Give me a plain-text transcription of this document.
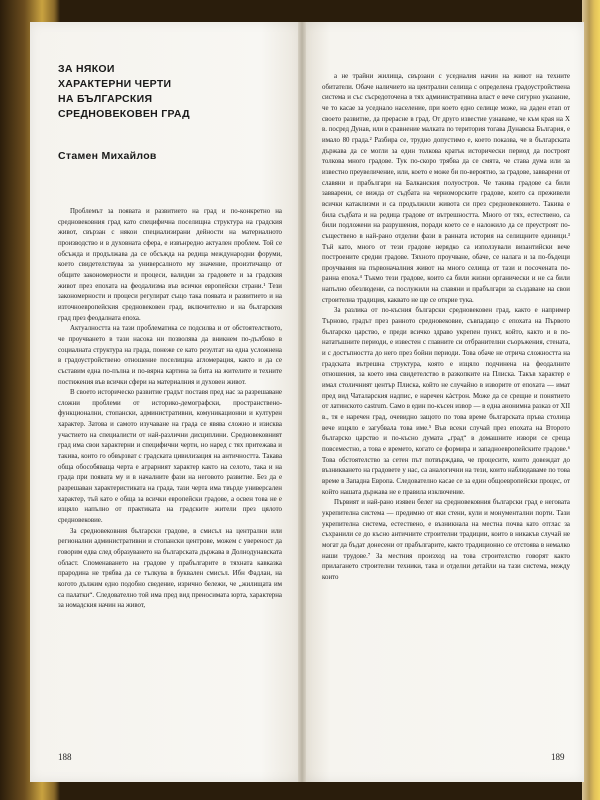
ЗА НЯКОИ
ХАРАКТЕРНИ ЧЕРТИ
НА БЪЛГАРСКИЯ
СРЕДНОВЕКОВЕН ГРАД
Стамен Михайлов

Проблемът за появата и развитието на град и по-конкретно на средновековния град като специфична поселищна структура на градския живот, свързан с някои специализирани дейности на материалното производство и в духовната сфера, е извънредно актуален проблем. Той се обсъжда и продължава да се обсъжда на редица международни форуми, което свидетелствува за универсалното му значение, произтичащо от общите закономерности и процеси, валидни за градовете и за градския живот през епохата на феодализма във всички европейски страни.¹ Тези закономерности и процеси регулират също така появата и развитието и на източноевропейския средновековен град, включително и на българския град през феодалната епоха.

Актуалността на тази проблематика се подсилва и от обстоятелството, че проучването в тази насока ни позволява да вникнем по-дълбоко в социалната структура на града, понеже се като резултат на една усложнена в градоустройствено отношение поселищна агломерация, както и да се съставим една по-пълна и по-вярна картина за бита на жителите и техните постижения във всички сфери на материалния и духовен живот.

В своето историческо развитие градът поставя пред нас за разрешаване сложни проблеми от историко-демографски, пространствено-функционални, стопански, административни, комуникационни и културен характер. Затова и самото изучаване на града се явява сложно и изисква участието на специалисти от най-различни дисциплини. Средновековният град има свои характерни и специфични черти, но наред с тях притежава и такива, които го обвързват с градската цивилизация на античността. Такава обща обособяваща черта е аграрният характер както на селото, така и на града при появата му и в началните фази на неговото развитие. Без да е разрешаван характеристиката на града, тази черта има твърде универсален характер, тъй като е обща за всички европейски градове, а освен това не е изцяло напълно от практиката на градските жители през цялото средновековие.

За средновековния български градове, в смисъл на централни или регионални административни и стопански центрове, можем с увереност да говорим едва след образуването на българската държава в Долнодунавската област. Споменаването на градове у прабългарите в тяхната кавказка прародина не трябва да се тълкува в буквален смисъл. Ибн Фадлан, на когото дължим едно подобно сведение, изрично бележи, че „жилищата им са палатки“. Следователно той има пред вид преносимата юрта, характерна за номадския начин на живот,

а не трайни жилища, свързани с уседналия начин на живот на техните обитатели. Обаче наличието на централни селища с определена градоустройствена система и със съсредоточена в тях административна власт е вече сигурно указание, че то касае за уседнало население, при което едно селище може, на даден етап от своето развитие, да прерасне в град. От друго известие узнаваме, че към края на Х в. посред Дунав, или в сравнение малката по територия тогава Дунавска България, е имало 80 града.² Разбира се, трудно допустимо е, което показва, че в българската държава да се могли за един толкова кратък исторически период да построят толкова много градове. Тук по-скоро трябва да се смята, че става дума или за известно преувеличение, или, което е може би по-вероятно, за градове, завварени от славяни и прабългари на Балканския полуостров. Че такива градове са били завварени, се вижда от съдбата на черноморските градове, които са преживели всички катаклизми и са продължили живота си през средновековието. Такива е била съдбата и на редица градове от вътрешността. Много от тях, естествено, са били подложени на разрушения, поради което се е наложило да се преустроят по-съществено в най-рано отделни фази в ранната история на селищните единици.³ Тъй като, много от тези градове нерядко са използували византийски вече построените средни градове. Тяхното проучване, обаче, се налага и за по-бъдещи проучвания на първоначалния живот на много селища от тази и посочената по-ранна епоха.⁴ Тъкмо тези градове, които са били жизни органически и не са били напълно обезлюдени, са послужили на славяни и прабългари за създаване на свои строителна традиция, каквато не ще се открие тука.

За разлика от по-късния български средновековен град, както е например Търново, градът през ранното средновековие, съвпадащо с епохата на Първото българско царство, е преди всичко здраво укрепен пункт, който, както и в по-нататъшните периоди, е известен с главните си отбранителни съоръжения, стената, и с достъпността до него през бойни периоди. Това обаче не отрича сложността на градската вътрешна структура, която е изцяло подчинена на феодалните отношения, за което има свидетелство в разкопките на Плиска. Такъв характер е имал столичният център Плиска, който не случайно в изворите от епохата — имат пред вид Чаталарския надпис, е наречен кàстрон. Може да се срещне и понятието от латинското castrum. Само в един по-късен извор — в една анонимна разказ от ХII в., тя е наречен град, очевидно защото по това време българската пръва столица вече изцяло е загубвала това име.⁵ Във всеки случай през епохата на Второто българско царство и по-късно думата „град“ в домашните извори се среща повсеместно, а това е времето, когато се формира и западноевропейските градове.⁶ Това обстоятелство за сетен път потвърждава, че процесите, които довеждат до възникването на градовете у нас, са аналогични на тези, които наблюдаваме по това време в Западна Европа. Следователно касае се за един общоевропейски процес, от който нашата държава не е правила изключение.

Първият и най-рано изявен белег на средновековния български град е неговата укрепителна система — предимно от яки стени, кули и монументални порти. Тази укрепителна система, естествено, е възникнала на местна почва като отглас за съхранили се до късно античните строителни традиции, които в никакъв случай не могат да бъдат донесени от прабългарите, както традиционно се отстоява в немалко наши трудове.⁷ За местния произход на това строителство говорят както прилагането строителни техники, така и отделни детайли на тази система, между които

188	189
